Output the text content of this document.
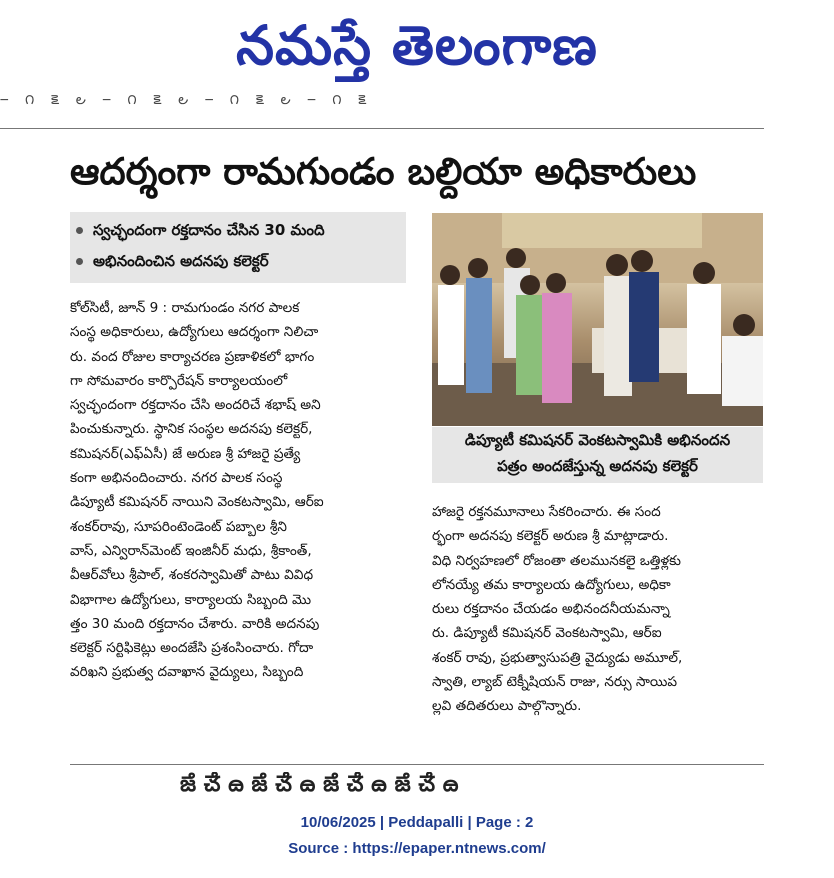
నమస్తే తెలంగాణ
౼ ౧ ౾ ౿ ౼ ౧ ౾ ౿ ౼ ౧ ౾ ౿ ౼ ౧ ౾
ఆదర్శంగా రామగుండం బల్దియా అధికారులు
స్వచ్ఛందంగా రక్తదానం చేసిన 30 మంది
అభినందించిన అదనపు కలెక్టర్

కోల్‌సిటీ, జూన్ 9 : రామగుండం నగర పాలక

సంస్థ అధికారులు, ఉద్యోగులు ఆదర్శంగా నిలిచా

రు. వంద రోజుల కార్యాచరణ ప్రణాళికలో భాగం

గా సోమవారం కార్పొరేషన్ కార్యాలయంలో

స్వచ్ఛందంగా రక్తదానం చేసి అందరిచే శభాష్ అని

పించుకున్నారు. స్థానిక సంస్థల అదనపు కలెక్టర్,

కమిషనర్(ఎఫ్ఏసీ) జే అరుణ శ్రీ హాజరై ప్రత్యే

కంగా అభినందించారు. నగర పాలక సంస్థ

డిప్యూటీ కమిషనర్ నాయిని వెంకటస్వామి, ఆర్ఐ

శంకర్‌రావు, సూపరింటెండెంట్ పబ్బాల శ్రీని

వాస్, ఎన్విరాన్‌మెంట్ ఇంజినీర్ మధు, శ్రీకాంత్,

వీఆర్‌వోలు శ్రీపాల్, శంకరస్వామితో పాటు వివిధ

విభాగాల ఉద్యోగులు, కార్యాలయ సిబ్బంది మొ

త్తం 30 మంది రక్తదానం చేశారు. వారికి అదనపు

కలెక్టర్ సర్టిఫికెట్లు అందజేసి ప్రశంసించారు. గోదా

వరిఖని ప్రభుత్వ దవాఖాన వైద్యులు, సిబ్బంది

డిప్యూటీ కమిషనర్ వెంకటస్వామికి అభినందన
పత్రం అందజేస్తున్న అదనపు కలెక్టర్

హాజరై రక్తనమూనాలు సేకరించారు. ఈ సంద

ర్భంగా అదనపు కలెక్టర్ అరుణ శ్రీ మాట్లాడారు.

విధి నిర్వహణలో రోజంతా తలమునకలై ఒత్తిళ్లకు

లోనయ్యే తమ కార్యాలయ ఉద్యోగులు, అధికా

రులు రక్తదానం చేయడం అభినందనీయమన్నా

రు. డిప్యూటీ కమిషనర్ వెంకటస్వామి, ఆర్ఐ

శంకర్ రావు, ప్రభుత్వాసుపత్రి వైద్యుడు అమూల్,

స్వాతి, ల్యాబ్ టెక్నీషియన్ రాజు, నర్సు సాయిప

ల్లవి తదితరులు పాల్గొన్నారు.

ౙ ౘ ౚ ౙ ౘ ౚ ౙ ౘ ౚ ౙ ౘ ౚ
10/06/2025 | Peddapalli | Page : 2
Source : https://epaper.ntnews.com/
